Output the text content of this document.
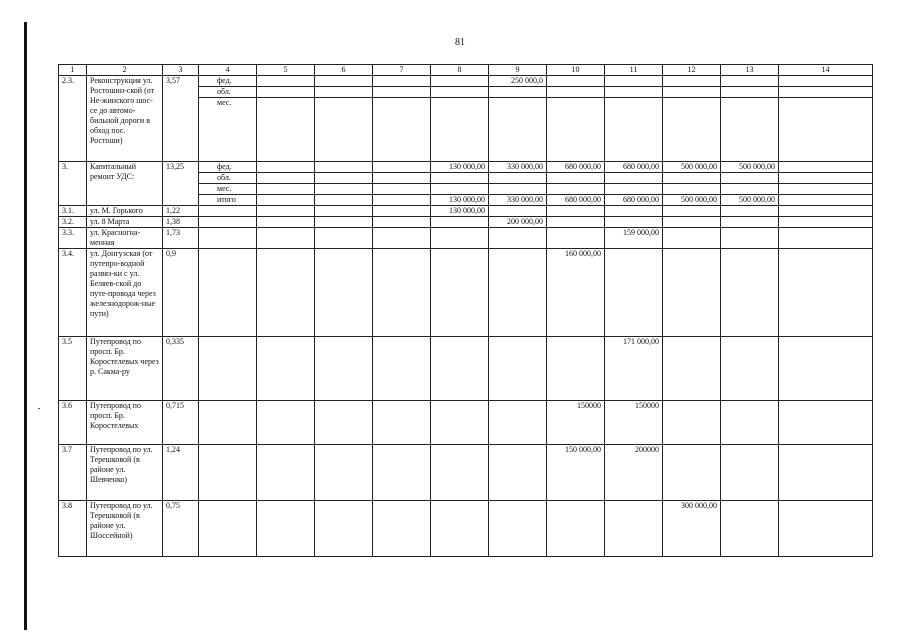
81
1	2	3	4	5	6	7	8	9	10	11	12	13	14	
2.3.	Реконструкция ул. Ростошин-ской (от Не-жинского шос-се до автомо-бильной дороги в обход пос. Ростоши)	3,57	фед.					250 000,0						
			обл.											
			мес.											
3.	Капитальный ремонт УДС:	13,25	фед.				130 000,00	330 000,00	680 000,00	680 000,00	500 000,00	500 000,00		
			обл.											
			мес.											
			итого				130 000,00	330 000,00	680 000,00	680 000,00	500 000,00	500 000,00		
3.1.	ул. М. Горького	1,22					130 000,00							
3.2.	ул. 8 Марта	1,38						200 000,00						
3.3.	ул. Красногна-менная	1,73								159 000,00				
3.4.	ул. Донгузская (от путепро-водной развяз-ки с ул. Беляев-ской до путе-провода через железнодорож-ные пути)	0,9							160 000,00					
3.5	Путепровод по просп. Бр. Коростелевых через р. Сакма-ру	0,335								171 000,00				
3.6	Путепровод по просп. Бр. Коростелевых	0,715							150000	150000				
3.7	Путепровод по ул. Терешковой (в районе ул. Шевченко)	1,24							150 000,00	200000				
3.8	Путепровод по ул. Терешковой (в районе ул. Шоссейной)	0,75									300 000,00			
